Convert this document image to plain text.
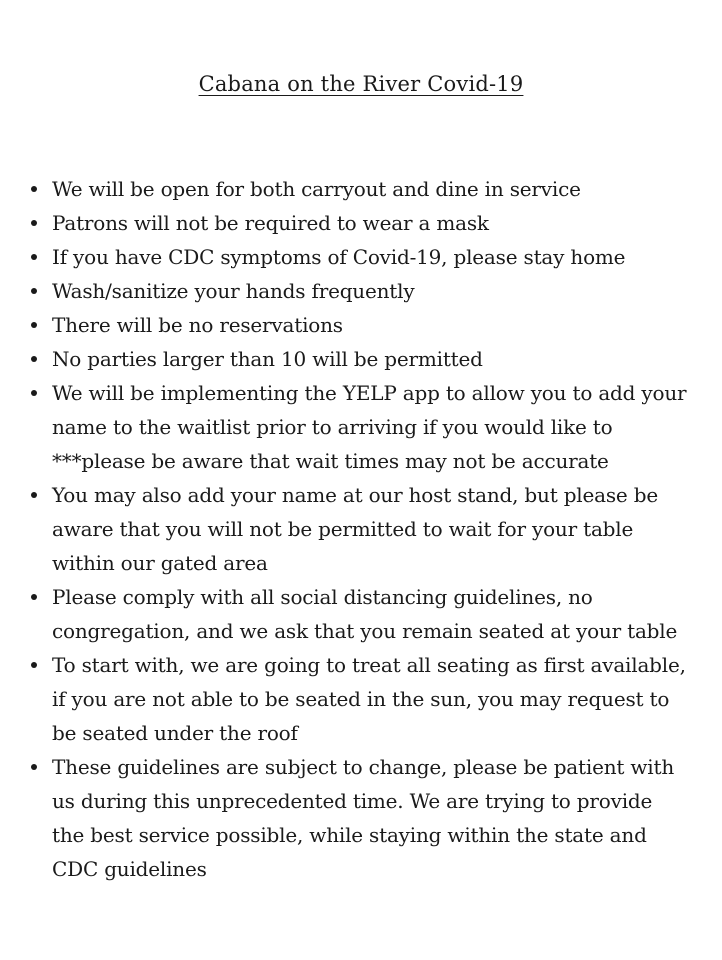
Cabana on the River Covid-19
We will be open for both carryout and dine in service
Patrons will not be required to wear a mask
If you have CDC symptoms of Covid-19, please stay home
Wash/sanitize your hands frequently
There will be no reservations
No parties larger than 10 will be permitted
We will be implementing the YELP app to allow you to add your name to the waitlist prior to arriving if you would like to ***please be aware that wait times may not be accurate
You may also add your name at our host stand, but please be aware that you will not be permitted to wait for your table within our gated area
Please comply with all social distancing guidelines, no congregation, and we ask that you remain seated at your table
To start with, we are going to treat all seating as first available, if you are not able to be seated in the sun, you may request to be seated under the roof
These guidelines are subject to change, please be patient with us during this unprecedented time. We are trying to provide the best service possible, while staying within the state and CDC guidelines
